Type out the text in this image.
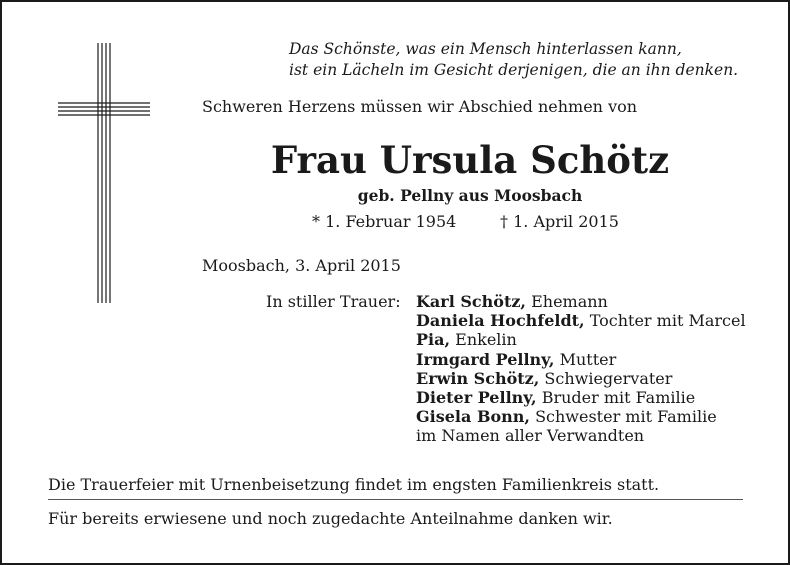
Das Schönste, was ein Mensch hinterlassen kann,
ist ein Lächeln im Gesicht derjenigen, die an ihn denken.
Schweren Herzens müssen wir Abschied nehmen von
Frau Ursula Schötz
geb. Pellny aus Moosbach
* 1. Februar 1954	† 1. April 2015
Moosbach, 3. April 2015
In stiller Trauer: Karl Schötz, Ehemann
Daniela Hochfeldt, Tochter mit Marcel
Pia, Enkelin
Irmgard Pellny, Mutter
Erwin Schötz, Schwiegervater
Dieter Pellny, Bruder mit Familie
Gisela Bonn, Schwester mit Familie
im Namen aller Verwandten
Die Trauerfeier mit Urnenbeisetzung findet im engsten Familienkreis statt.
Für bereits erwiesene und noch zugedachte Anteilnahme danken wir.
